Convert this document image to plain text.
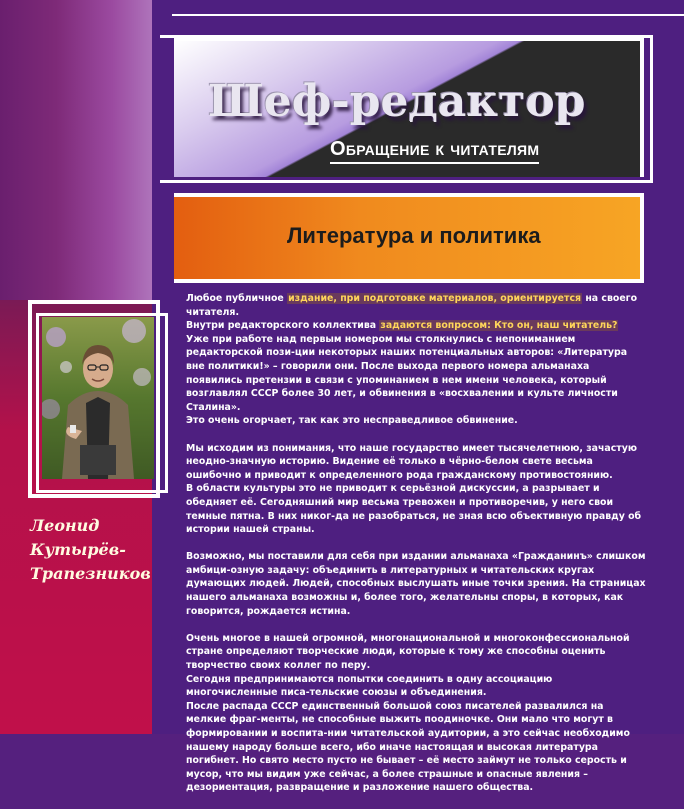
Шеф-редактор
Обращение к читателям
Литература и политика
Леонид
Кутырёв-
Трапезников

Любое публичное издание, при подготовке материалов, ориентируется на своего читателя.
Внутри редакторского коллектива задаются вопросом: Кто он, наш читатель?
Уже при работе над первым номером мы столкнулись с непониманием редакторской пози-ции некоторых наших потенциальных авторов: «Литература вне политики!» – говорили они. После выхода первого номера альманаха появились претензии в связи с упоминанием в нем имени человека, который возглавлял СССР более 30 лет, и обвинения в «восхвалении и культе личности Сталина».
Это очень огорчает, так как это несправедливое обвинение.

Мы исходим из понимания, что наше государство имеет тысячелетнюю, зачастую неодно-значную историю. Видение её только в чёрно-белом свете весьма ошибочно и приводит к определенного рода гражданскому противостоянию.
В области культуры это не приводит к серьёзной дискуссии, а разрывает и обедняет её. Сегодняшний мир весьма тревожен и противоречив, у него свои темные пятна. В них никог-да не разобраться, не зная всю объективную правду об истории нашей страны.

Возможно, мы поставили для себя при издании альманаха «Гражданинъ» слишком амбици-озную задачу: объединить в литературных и читательских кругах думающих людей. Людей, способных выслушать иные точки зрения. На страницах нашего альманаха возможны и, более того, желательны споры, в которых, как говорится, рождается истина.

Очень многое в нашей огромной, многонациональной и многоконфессиональной стране определяют творческие люди, которые к тому же способны оценить творчество своих коллег по перу.
Сегодня предпринимаются попытки соединить в одну ассоциацию многочисленные писа-тельские союзы и объединения.
После распада СССР единственный большой союз писателей развалился на мелкие фраг-менты, не способные выжить поодиночке. Они мало что могут в формировании и воспита-нии читательской аудитории, а это сейчас необходимо нашему народу больше всего, ибо иначе настоящая и высокая литература погибнет. Но свято место пусто не бывает – её место займут не только серость и мусор, что мы видим уже сейчас, а более страшные и опасные явления – дезориентация, развращение и разложение нашего общества.
